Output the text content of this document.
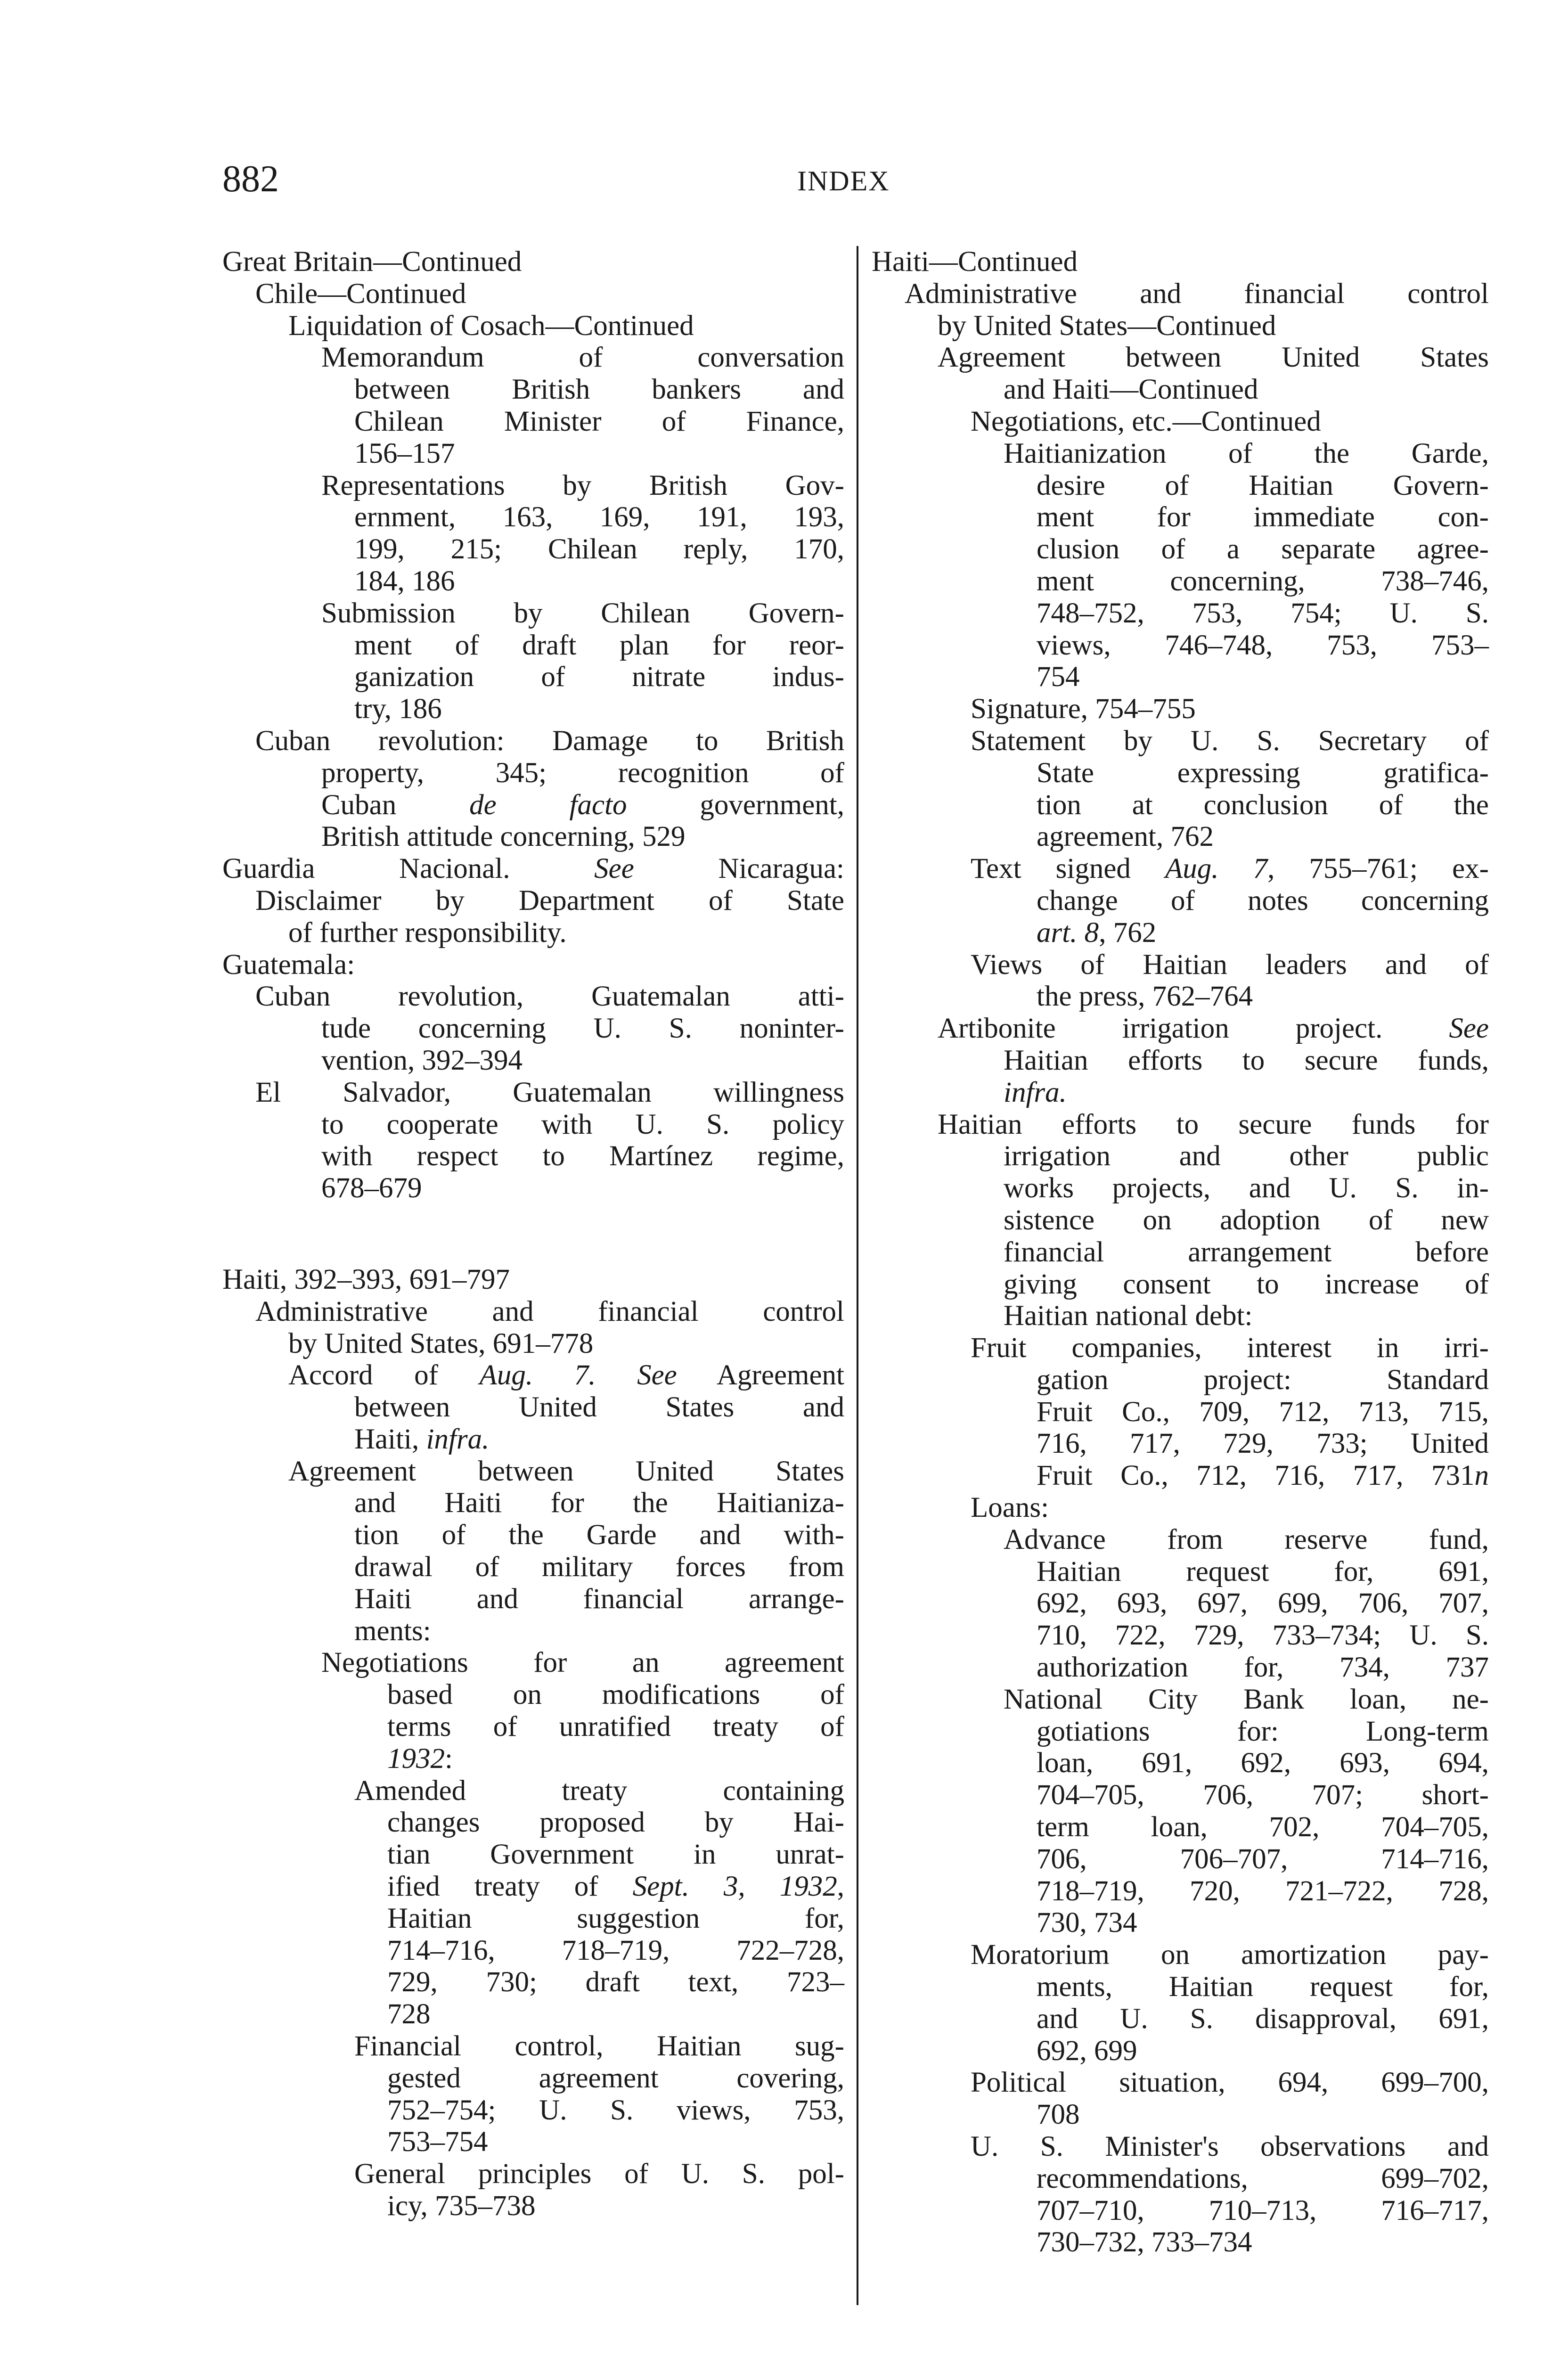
882	INDEX
Great Britain—Continued
Chile—Continued
Liquidation of Cosach—Continued
Memorandum of conversation
between British bankers and
Chilean Minister of Finance,
156–157
Representations by British Gov-
ernment, 163, 169, 191, 193,
199, 215; Chilean reply, 170,
184, 186
Submission by Chilean Govern-
ment of draft plan for reor-
ganization of nitrate indus-
try, 186
Cuban revolution: Damage to British
property, 345; recognition of
Cuban de facto government,
British attitude concerning, 529
Guardia Nacional. See Nicaragua:
Disclaimer by Department of State
of further responsibility.
Guatemala:
Cuban revolution, Guatemalan atti-
tude concerning U. S. noninter-
vention, 392–394
El Salvador, Guatemalan willingness
to cooperate with U. S. policy
with respect to Martínez regime,
678–679
Haiti, 392–393, 691–797
Administrative and financial control
by United States, 691–778
Accord of Aug. 7. See Agreement
between United States and
Haiti, infra.
Agreement between United States
and Haiti for the Haitianiza-
tion of the Garde and with-
drawal of military forces from
Haiti and financial arrange-
ments:
Negotiations for an agreement
based on modifications of
terms of unratified treaty of
1932:
Amended treaty containing
changes proposed by Hai-
tian Government in unrat-
ified treaty of Sept. 3, 1932,
Haitian suggestion for,
714–716, 718–719, 722–728,
729, 730; draft text, 723–
728
Financial control, Haitian sug-
gested agreement covering,
752–754; U. S. views, 753,
753–754
General principles of U. S. pol-
icy, 735–738
Haiti—Continued
Administrative and financial control
by United States—Continued
Agreement between United States
and Haiti—Continued
Negotiations, etc.—Continued
Haitianization of the Garde,
desire of Haitian Govern-
ment for immediate con-
clusion of a separate agree-
ment concerning, 738–746,
748–752, 753, 754; U. S.
views, 746–748, 753, 753–
754
Signature, 754–755
Statement by U. S. Secretary of
State expressing gratifica-
tion at conclusion of the
agreement, 762
Text signed Aug. 7, 755–761; ex-
change of notes concerning
art. 8, 762
Views of Haitian leaders and of
the press, 762–764
Artibonite irrigation project. See
Haitian efforts to secure funds,
infra.
Haitian efforts to secure funds for
irrigation and other public
works projects, and U. S. in-
sistence on adoption of new
financial arrangement before
giving consent to increase of
Haitian national debt:
Fruit companies, interest in irri-
gation project: Standard
Fruit Co., 709, 712, 713, 715,
716, 717, 729, 733; United
Fruit Co., 712, 716, 717, 731n
Loans:
Advance from reserve fund,
Haitian request for, 691,
692, 693, 697, 699, 706, 707,
710, 722, 729, 733–734; U. S.
authorization for, 734, 737
National City Bank loan, ne-
gotiations for: Long-term
loan, 691, 692, 693, 694,
704–705, 706, 707; short-
term loan, 702, 704–705,
706, 706–707, 714–716,
718–719, 720, 721–722, 728,
730, 734
Moratorium on amortization pay-
ments, Haitian request for,
and U. S. disapproval, 691,
692, 699
Political situation, 694, 699–700,
708
U. S. Minister's observations and
recommendations, 699–702,
707–710, 710–713, 716–717,
730–732, 733–734
